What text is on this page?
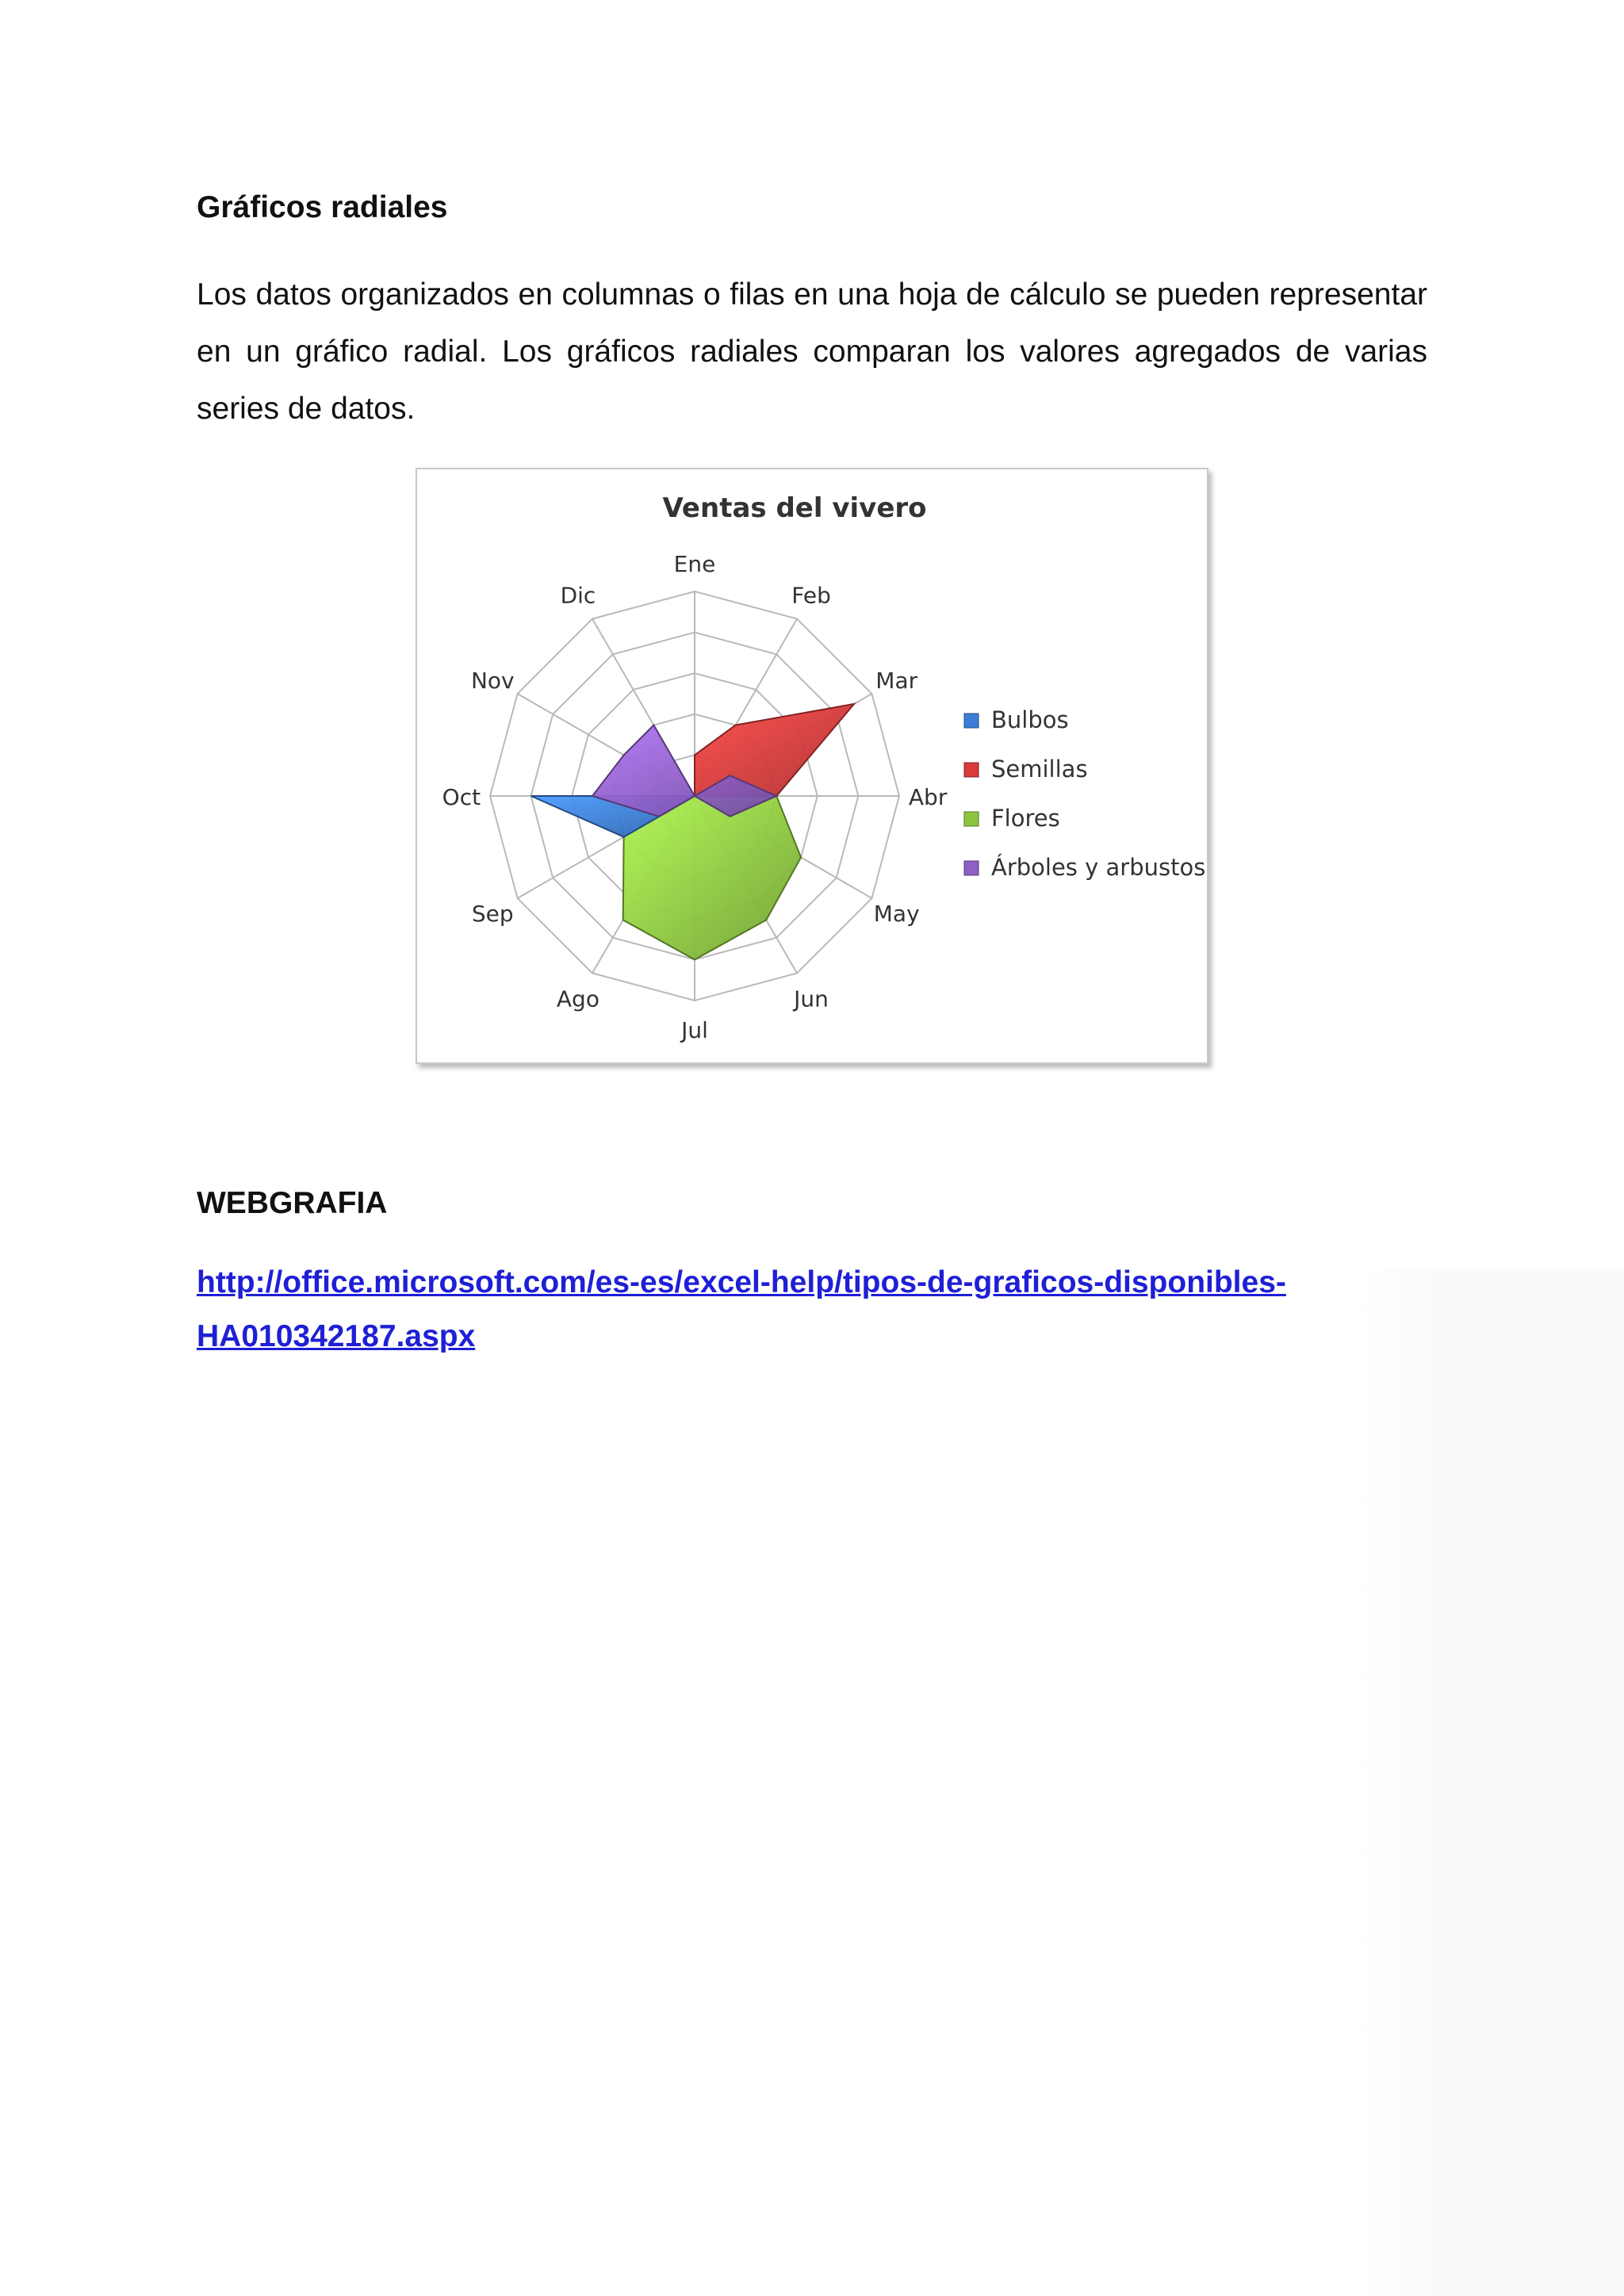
Gráficos radiales

Los datos organizados en columnas o filas en una hoja de cálculo se pueden representar en un gráfico radial. Los gráficos radiales comparan los valores agregados de varias series de datos.

Ventas del vivero
Ene
Feb
Mar
Abr
May
Jun
Jul
Ago
Sep
Oct
Nov
Dic
Bulbos
Semillas
Flores
Árboles y arbustos
WEBGRAFIA
http://office.microsoft.com/es-es/excel-help/tipos-de-graficos-disponibles-
HA010342187.aspx
